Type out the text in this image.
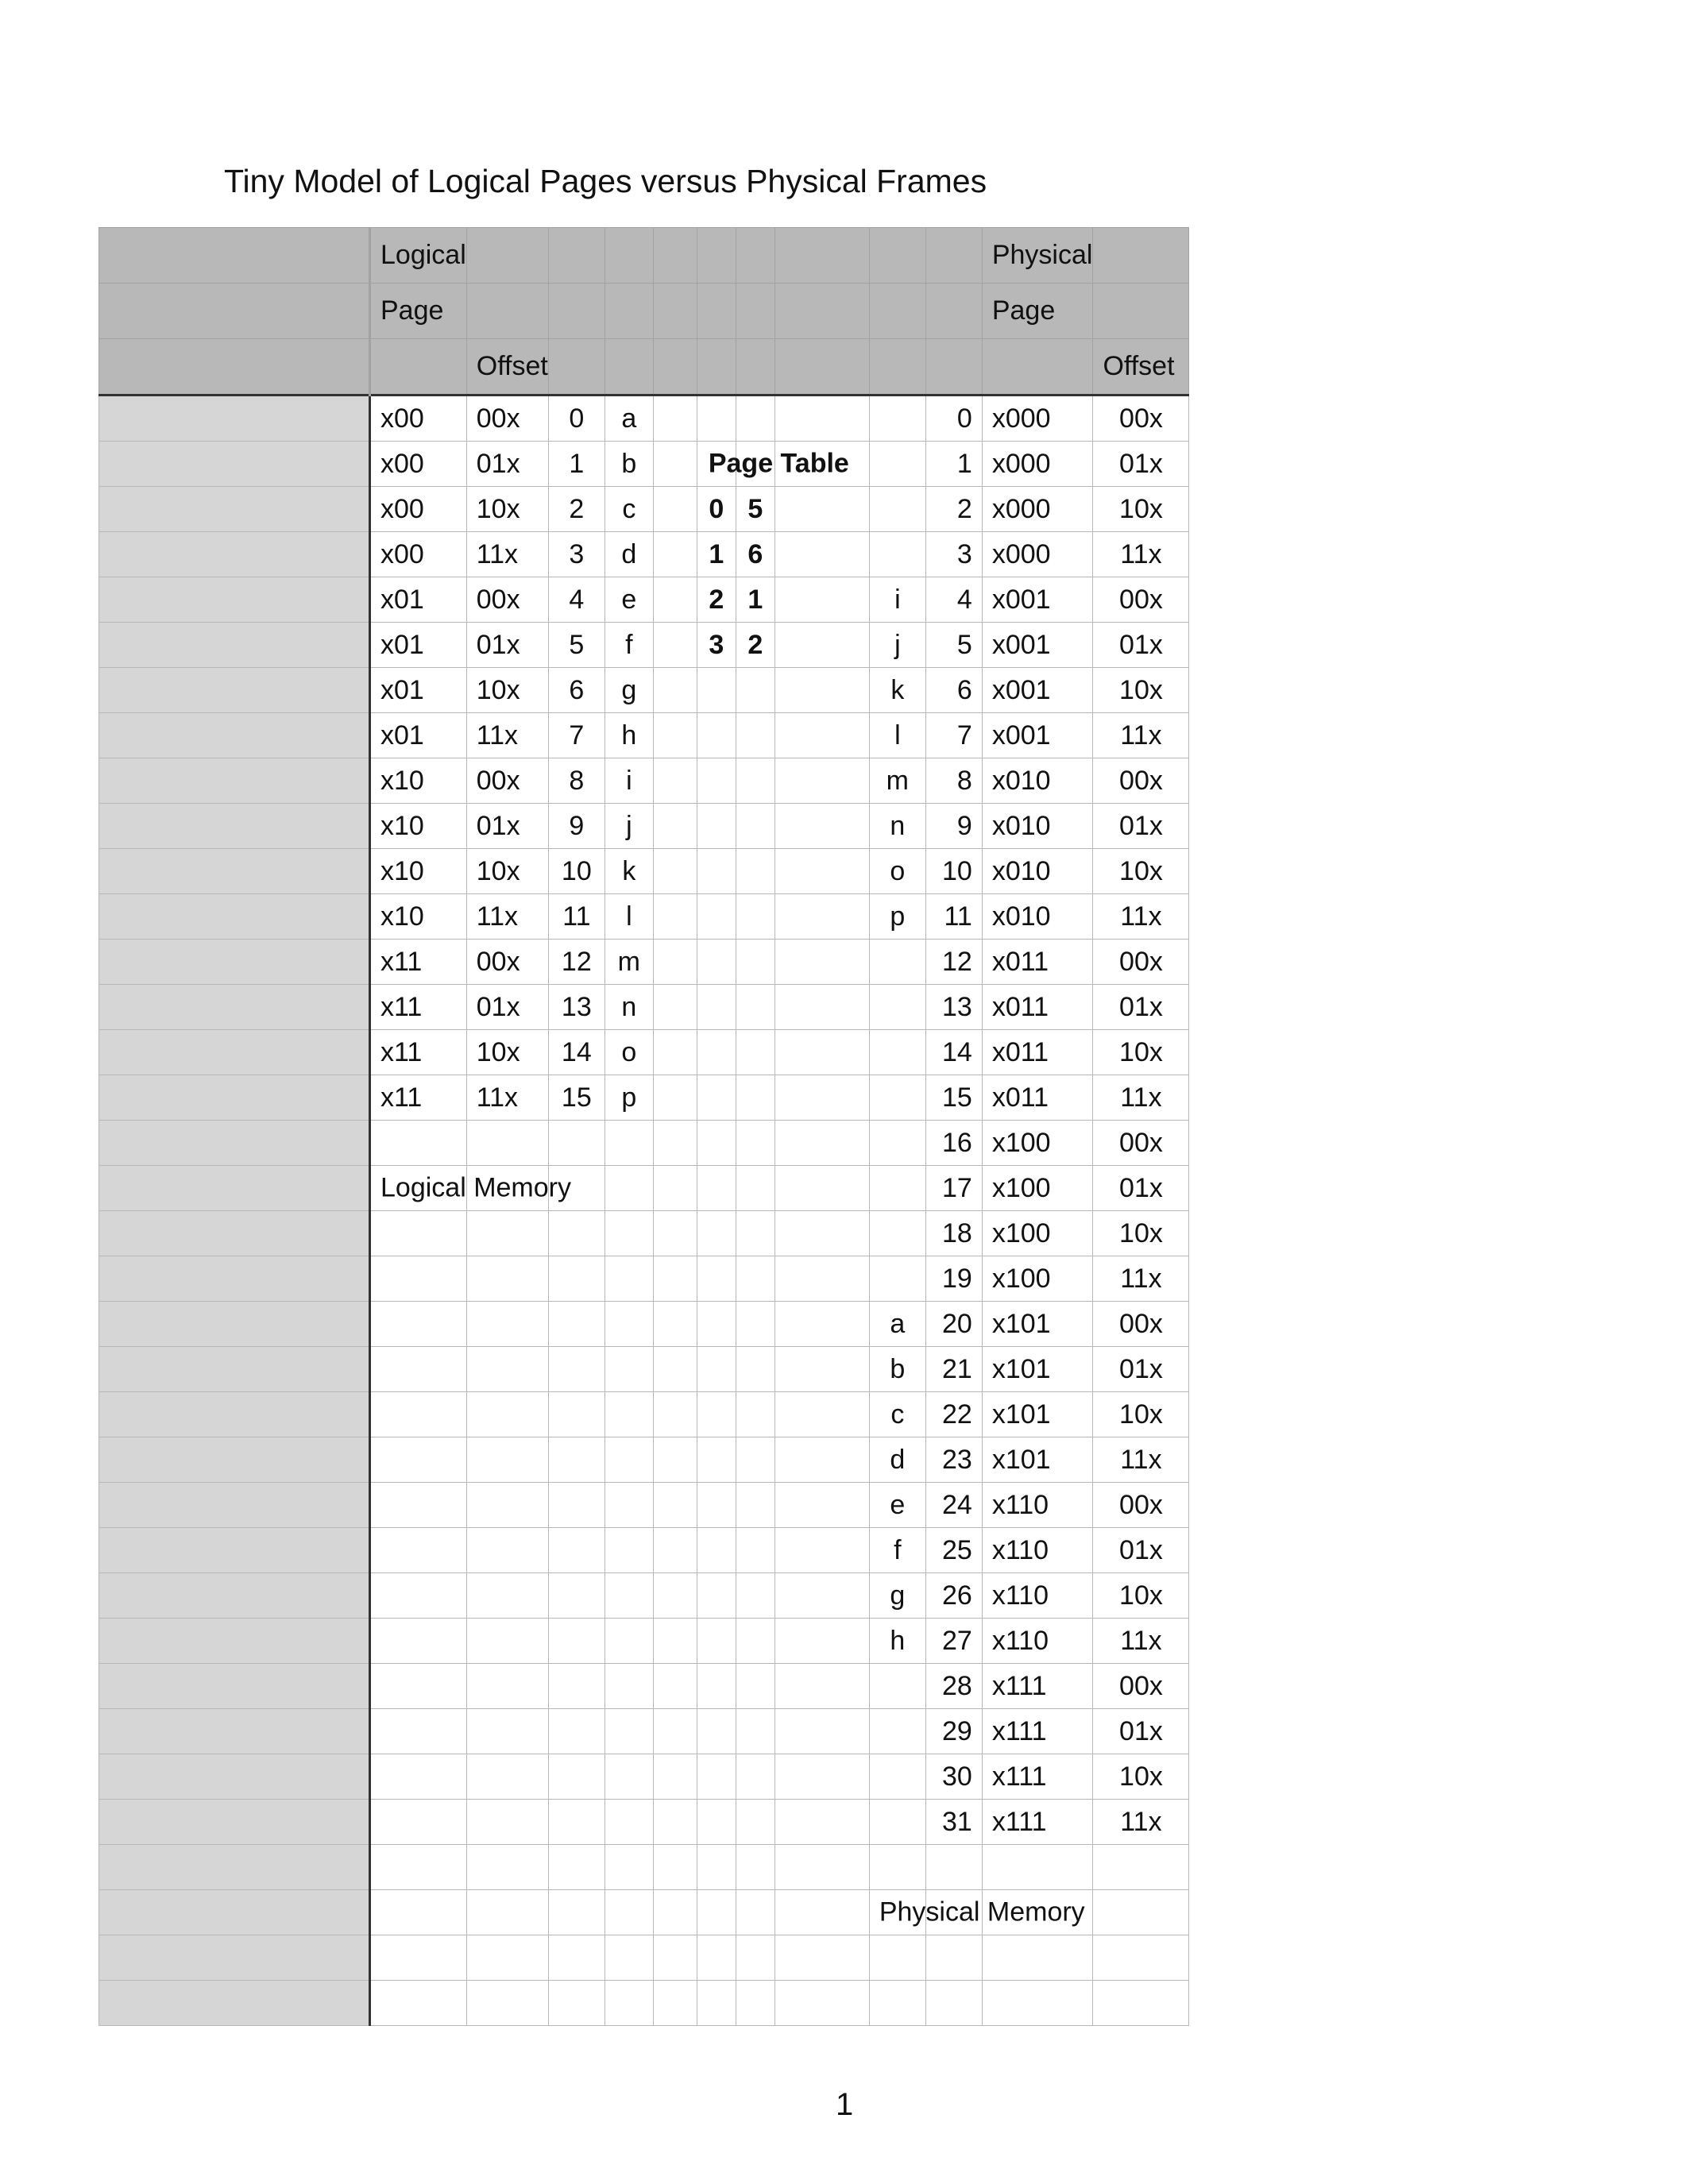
Tiny Model of Logical Pages versus Physical Frames
	Logical										Physical	
	Page										Page	
		Offset										Offset
	x00	00x	0	a						0	x000	00x
	x00	01x	1	b		Page Table				1	x000	01x
	x00	10x	2	c		0	5			2	x000	10x
	x00	11x	3	d		1	6			3	x000	11x
	x01	00x	4	e		2	1		i	4	x001	00x
	x01	01x	5	f		3	2		j	5	x001	01x
	x01	10x	6	g					k	6	x001	10x
	x01	11x	7	h					l	7	x001	11x
	x10	00x	8	i					m	8	x010	00x
	x10	01x	9	j					n	9	x010	01x
	x10	10x	10	k					o	10	x010	10x
	x10	11x	11	l					p	11	x010	11x
	x11	00x	12	m						12	x011	00x
	x11	01x	13	n						13	x011	01x
	x11	10x	14	o						14	x011	10x
	x11	11x	15	p						15	x011	11x
										16	x100	00x

	Logical Memory									17	x100	01x
										18	x100	10x
										19	x100	11x
									a	20	x101	00x
									b	21	x101	01x
									c	22	x101	10x
									d	23	x101	11x
									e	24	x110	00x
									f	25	x110	01x
									g	26	x110	10x
									h	27	x110	11x
										28	x111	00x
										29	x111	01x
										30	x111	10x
										31	x111	11x

									Physical Memory			

1
